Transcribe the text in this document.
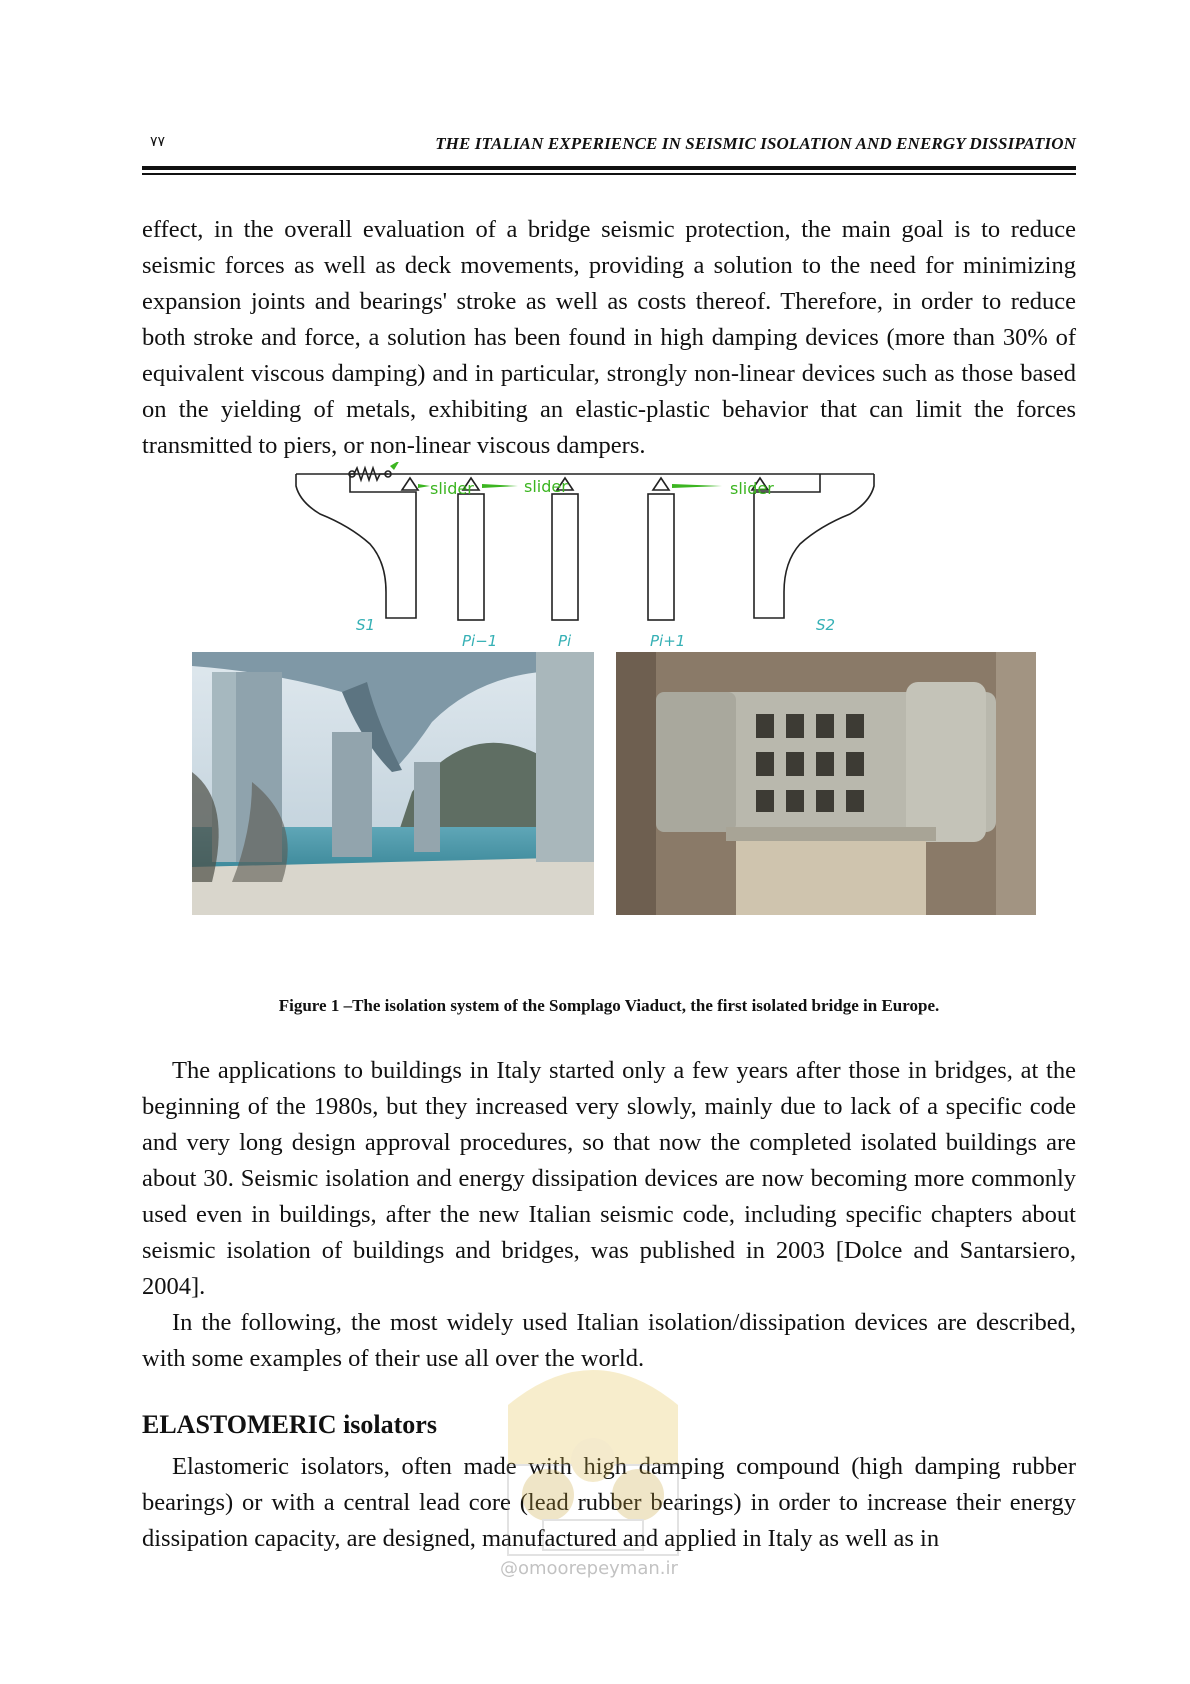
۷۷	THE ITALIAN EXPERIENCE IN SEISMIC ISOLATION AND ENERGY DISSIPATION

effect, in the overall evaluation of a bridge seismic protection, the main goal is to reduce seismic forces as well as deck movements, providing a solution to the need for minimizing expansion joints and bearings' stroke as well as costs thereof. Therefore, in order to reduce both stroke and force, a solution has been found in high damping devices (more than 30% of equivalent viscous damping) and in particular, strongly non-linear devices such as those based on the yielding of metals, exhibiting an elastic-plastic behavior that can limit the forces transmitted to piers, or non-linear viscous dampers.

slider	slider	slider
S1	S2
Pi−1	Pi	Pi+1

Figure 1 –The isolation system of the Somplago Viaduct, the first isolated bridge in Europe.

The applications to buildings in Italy started only a few years after those in bridges, at the beginning of the 1980s, but they increased very slowly, mainly due to lack of a specific code and very long design approval procedures, so that now the completed isolated buildings are about 30. Seismic isolation and energy dissipation devices are now becoming more commonly used even in buildings, after the new Italian seismic code, including specific chapters about seismic isolation of buildings and bridges, was published in 2003 [Dolce and Santarsiero, 2004].

In the following, the most widely used Italian isolation/dissipation devices are described, with some examples of their use all over the world.

ELASTOMERIC isolators

Elastomeric isolators, often made with high damping compound (high damping rubber bearings) or with a central lead core (lead rubber bearings) in order to increase their energy dissipation capacity, are designed, manufactured and applied in Italy as well as in

@omoorepeyman.ir
